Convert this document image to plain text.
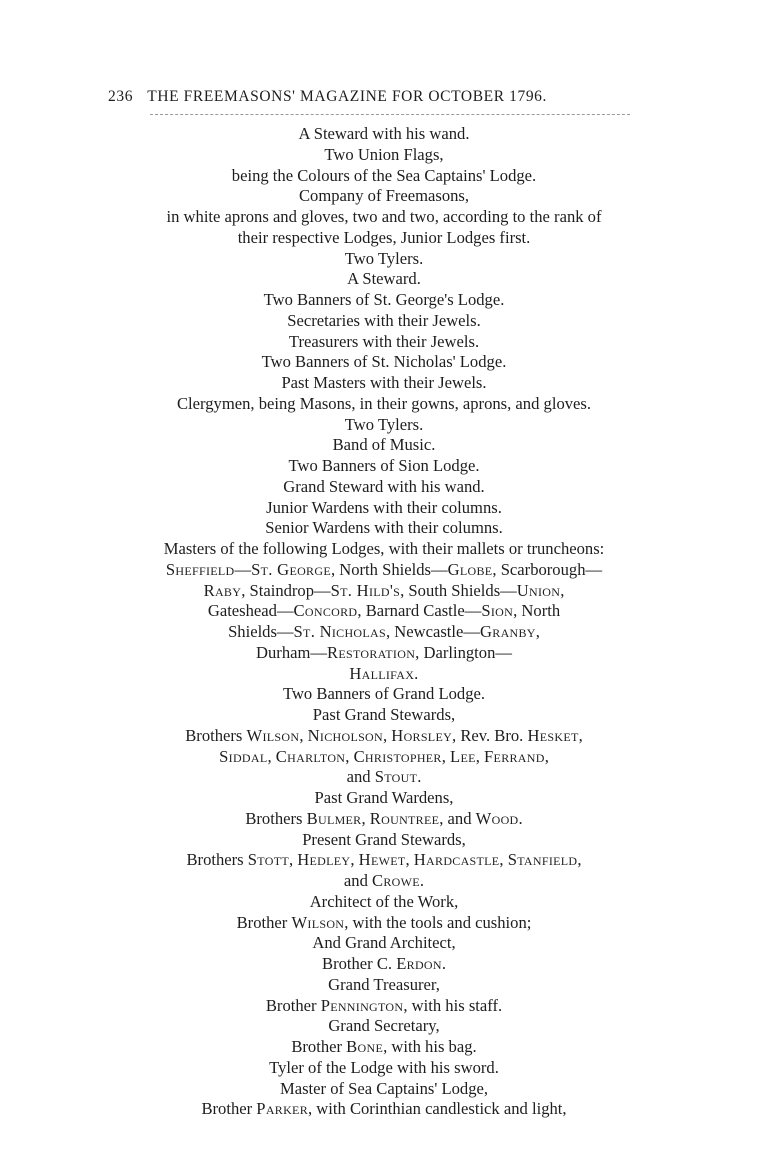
236 THE FREEMASONS' MAGAZINE FOR OCTOBER 1796.
A Steward with his wand.
Two Union Flags,
being the Colours of the Sea Captains' Lodge.
Company of Freemasons,
in white aprons and gloves, two and two, according to the rank of
their respective Lodges, Junior Lodges first.
Two Tylers.
A Steward.
Two Banners of St. George's Lodge.
Secretaries with their Jewels.
Treasurers with their Jewels.
Two Banners of St. Nicholas' Lodge.
Past Masters with their Jewels.
Clergymen, being Masons, in their gowns, aprons, and gloves.
Two Tylers.
Band of Music.
Two Banners of Sion Lodge.
Grand Steward with his wand.
Junior Wardens with their columns.
Senior Wardens with their columns.
Masters of the following Lodges, with their mallets or truncheons:
Sheffield—St. George, North Shields—Globe, Scarborough—
Raby, Staindrop—St. Hild's, South Shields—Union,
Gateshead—Concord, Barnard Castle—Sion, North
Shields—St. Nicholas, Newcastle—Granby,
Durham—Restoration, Darlington—
Hallifax.
Two Banners of Grand Lodge.
Past Grand Stewards,
Brothers Wilson, Nicholson, Horsley, Rev. Bro. Hesket,
Siddal, Charlton, Christopher, Lee, Ferrand,
and Stout.
Past Grand Wardens,
Brothers Bulmer, Rountree, and Wood.
Present Grand Stewards,
Brothers Stott, Hedley, Hewet, Hardcastle, Stanfield,
and Crowe.
Architect of the Work,
Brother Wilson, with the tools and cushion;
And Grand Architect,
Brother C. Erdon.
Grand Treasurer,
Brother Pennington, with his staff.
Grand Secretary,
Brother Bone, with his bag.
Tyler of the Lodge with his sword.
Master of Sea Captains' Lodge,
Brother Parker, with Corinthian candlestick and light,
